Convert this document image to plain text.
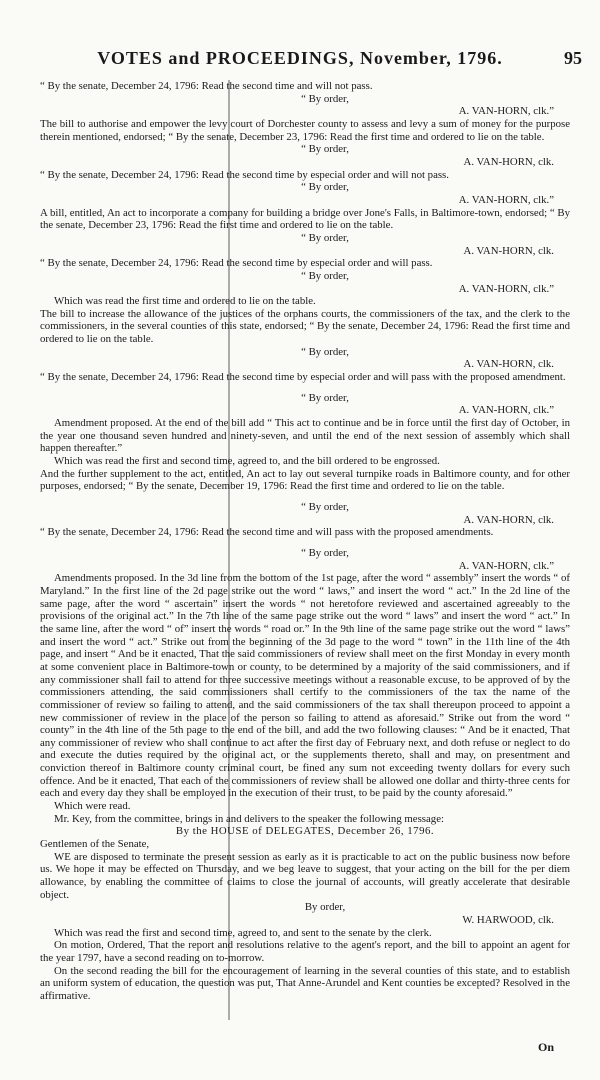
VOTES and PROCEEDINGS, November, 1796.	95

“ By the senate, December 24, 1796: Read the second time and will not pass.

“ By order,

A. VAN-HORN, clk.”

The bill to authorise and empower the levy court of Dorchester county to assess and levy a sum of money for the purpose therein mentioned, endorsed; “ By the senate, December 23, 1796: Read the first time and ordered to lie on the table.

“ By order,

A. VAN-HORN, clk.

“ By the senate, December 24, 1796: Read the second time by especial order and will not pass.

“ By order,

A. VAN-HORN, clk.”

A bill, entitled, An act to incorporate a company for building a bridge over Jone's Falls, in Baltimore-town, endorsed; “ By the senate, December 23, 1796: Read the first time and ordered to lie on the table.

“ By order,

A. VAN-HORN, clk.

“ By the senate, December 24, 1796: Read the second time by especial order and will pass.

“ By order,

A. VAN-HORN, clk.”

Which was read the first time and ordered to lie on the table.

The bill to increase the allowance of the justices of the orphans courts, the commissioners of the tax, and the clerk to the commissioners, in the several counties of this state, endorsed; “ By the senate, December 24, 1796: Read the first time and ordered to lie on the table.

“ By order,

A. VAN-HORN, clk.

“ By the senate, December 24, 1796: Read the second time by especial order and will pass with the proposed amendment.

“ By order,

A. VAN-HORN, clk.”

Amendment proposed. At the end of the bill add “ This act to continue and be in force until the first day of October, in the year one thousand seven hundred and ninety-seven, and until the end of the next session of assembly which shall happen thereafter.”

Which was read the first and second time, agreed to, and the bill ordered to be engrossed.

And the further supplement to the act, entitled, An act to lay out several turnpike roads in Baltimore county, and for other purposes, endorsed; “ By the senate, December 19, 1796: Read the first time and ordered to lie on the table.

“ By order,

A. VAN-HORN, clk.

“ By the senate, December 24, 1796: Read the second time and will pass with the proposed amendments.

“ By order,

A. VAN-HORN, clk.”

Amendments proposed. In the 3d line from the bottom of the 1st page, after the word “ assembly” insert the words “ of Maryland.” In the first line of the 2d page strike out the word “ laws,” and insert the word “ act.” In the 2d line of the same page, after the word “ ascertain” insert the words “ not heretofore reviewed and ascertained agreeably to the provisions of the original act.” In the 7th line of the same page strike out the word “ laws” and insert the word “ act.” In the same line, after the word “ of” insert the words “ road or.” In the 9th line of the same page strike out the word “ laws” and insert the word “ act.” Strike out from the beginning of the 3d page to the word “ town” in the 11th line of the 4th page, and insert “ And be it enacted, That the said commissioners of review shall meet on the first Monday in every month at some convenient place in Baltimore-town or county, to be determined by a majority of the said commissioners, and if any commissioner shall fail to attend for three successive meetings without a reasonable excuse, to be approved of by the commissioners attending, the said commissioners shall certify to the commissioners of the tax the name of the commissioner of review so failing to attend, and the said commissioners of the tax shall thereupon proceed to appoint a new commissioner of review in the place of the person so failing to attend as aforesaid.” Strike out from the word “ county” in the 4th line of the 5th page to the end of the bill, and add the two following clauses: “ And be it enacted, That any commissioner of review who shall continue to act after the first day of February next, and doth refuse or neglect to do and execute the duties required by the original act, or the supplements thereto, shall and may, on presentment and conviction thereof in Baltimore county criminal court, be fined any sum not exceeding twenty dollars for every such offence. And be it enacted, That each of the commissioners of review shall be allowed one dollar and thirty-three cents for each and every day they shall be employed in the execution of their trust, to be paid by the county aforesaid.”

Which were read.

Mr. Key, from the committee, brings in and delivers to the speaker the following message:

By the HOUSE of DELEGATES, December 26, 1796.

Gentlemen of the Senate,

WE are disposed to terminate the present session as early as it is practicable to act on the public business now before us. We hope it may be effected on Thursday, and we beg leave to suggest, that your acting on the bill for the per diem allowance, by enabling the committee of claims to close the journal of accounts, will greatly accelerate that desirable object.

By order,

W. HARWOOD, clk.

Which was read the first and second time, agreed to, and sent to the senate by the clerk.

On motion, Ordered, That the report and resolutions relative to the agent's report, and the bill to appoint an agent for the year 1797, have a second reading on to-morrow.

On the second reading the bill for the encouragement of learning in the several counties of this state, and to establish an uniform system of education, the question was put, That Anne-Arundel and Kent counties be excepted? Resolved in the affirmative.

On
